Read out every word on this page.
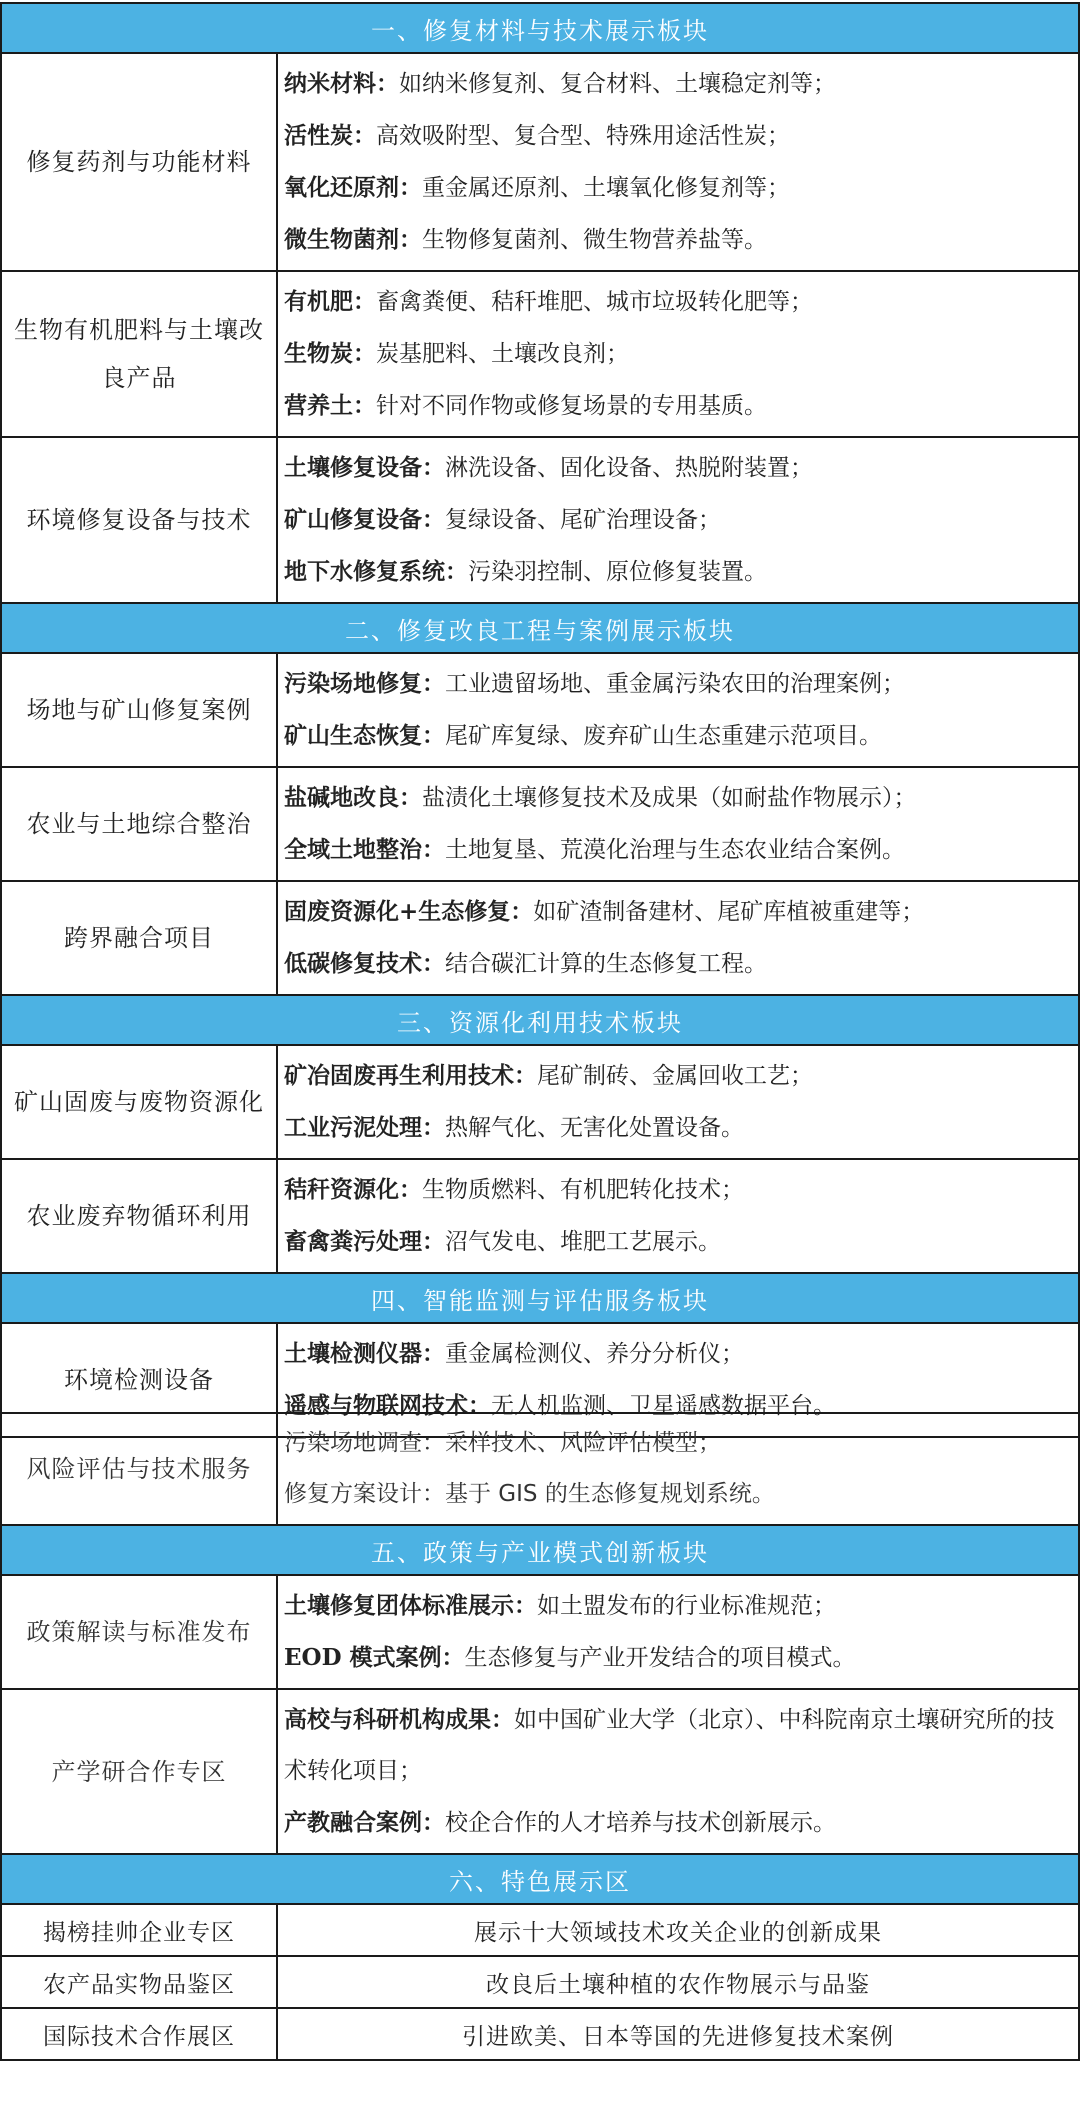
一、修复材料与技术展示板块	
修复药剂与功能材料	纳米材料：如纳米修复剂、复合材料、土壤稳定剂等；
活性炭：高效吸附型、复合型、特殊用途活性炭；
氧化还原剂：重金属还原剂、土壤氧化修复剂等；
微生物菌剂：生物修复菌剂、微生物营养盐等。

生物有机肥料与土壤改良产品	有机肥：畜禽粪便、秸秆堆肥、城市垃圾转化肥等；
生物炭：炭基肥料、土壤改良剂；
营养土：针对不同作物或修复场景的专用基质。

环境修复设备与技术	土壤修复设备：淋洗设备、固化设备、热脱附装置；
矿山修复设备：复绿设备、尾矿治理设备；
地下水修复系统：污染羽控制、原位修复装置。

二、修复改良工程与案例展示板块	
场地与矿山修复案例	污染场地修复：工业遗留场地、重金属污染农田的治理案例；
矿山生态恢复：尾矿库复绿、废弃矿山生态重建示范项目。

农业与土地综合整治	盐碱地改良：盐渍化土壤修复技术及成果（如耐盐作物展示）；
全域土地整治：土地复垦、荒漠化治理与生态农业结合案例。

跨界融合项目	固废资源化+生态修复：如矿渣制备建材、尾矿库植被重建等；
低碳修复技术：结合碳汇计算的生态修复工程。

三、资源化利用技术板块	
矿山固废与废物资源化	矿冶固废再生利用技术：尾矿制砖、金属回收工艺；
工业污泥处理：热解气化、无害化处置设备。

农业废弃物循环利用	秸秆资源化：生物质燃料、有机肥转化技术；
畜禽粪污处理：沼气发电、堆肥工艺展示。

四、智能监测与评估服务板块	
环境检测设备	土壤检测仪器：重金属检测仪、养分分析仪；
遥感与物联网技术：无人机监测、卫星遥感数据平台。
风险评估与技术服务	污染场地调查：采样技术、风险评估模型；
修复方案设计：基于 GIS 的生态修复规划系统。

五、政策与产业模式创新板块	
政策解读与标准发布	土壤修复团体标准展示：如土盟发布的行业标准规范；
EOD 模式案例：生态修复与产业开发结合的项目模式。

产学研合作专区	高校与科研机构成果：如中国矿业大学（北京）、中科院南京土壤研究所的技术转化项目；
产教融合案例：校企合作的人才培养与技术创新展示。

六、特色展示区	
揭榜挂帅企业专区	展示十大领域技术攻关企业的创新成果
农产品实物品鉴区	改良后土壤种植的农作物展示与品鉴
国际技术合作展区	引进欧美、日本等国的先进修复技术案例
